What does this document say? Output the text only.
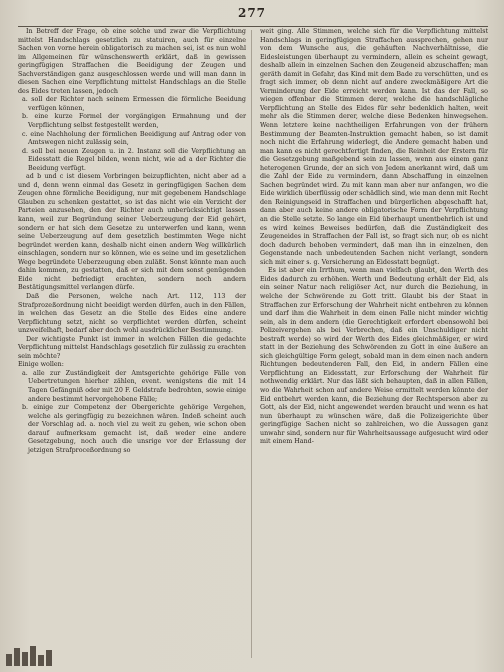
277

In Betreff der Frage, ob eine solche und zwar die Verpflichtung mittelst Handschlags gesetzlich zu statuiren, auch für einzelne Sachen von vorne herein obligatorisch zu machen sei, ist es nun wohl im Allgemeinen für wünschenswerth erklärt, daß in gewissen geringfügigen Straffachen die Beeidigung der Zeugen und Sachverständigen ganz ausgeschlossen werde und will man dann in diesen Sachen eine Verpflichtung mittelst Handschlags an die Stelle des Eides treten lassen, jedoch

a. soll der Richter nach seinem Ermessen die förmliche Beeidung verfügen können,

b. eine kurze Formel der vorgängigen Ermahnung und der Verpflichtung selbst festgestellt werden,

c. eine Nachholung der förmlichen Beeidigung auf Antrag oder von Amtswegen nicht zulässig sein,

d. soll bei neuen Zeugen u. in 2. Instanz soll die Verpflichtung an Eidesstatt die Regel bilden, wenn nicht, wie ad a der Richter die Beeidung verfügt.

ad b und c ist diesem Vorbringen beizupflichten, nicht aber ad a und d, denn wenn einmal das Gesetz in geringfügigen Sachen dem Zeugen ohne förmliche Beeidigung, nur mit gegebenem Handschlage Glauben zu schenken gestattet, so ist das nicht wie ein Verzicht der Parteien anzusehen, den der Richter auch unberücksichtigt lassen kann, weil zur Begründung seiner Ueberzeugung der Eid gehört, sondern er hat sich dem Gesetze zu unterwerfen und kann, wenn seine Ueberzeugung auf dem gesetzlich bestimmten Wege nicht begründet werden kann, deshalb nicht einen andern Weg willkürlich einschlagen, sondern nur so können, wie es seine und im gesetzlichen Wege begründete Ueberzeugung eben zuläßt. Sonst könnte man auch dahin kommen, zu gestatten, daß er sich mit dem sonst genügenden Eide nicht befriedigt erachten, sondern noch andern Bestätigungsmittel verlangen dürfe.

Daß die Personen, welche nach Art. 112, 113 der Strafprozeßordnung nicht beeidigt werden dürfen, auch in den Fällen, in welchen das Gesetz an die Stelle des Eides eine andere Verpflichtung setzt, nicht so verpflichtet werden dürfen, scheint unzweifelhaft, bedarf aber doch wohl ausdrücklicher Bestimmung.

Der wichtigste Punkt ist immer in welchen Fällen die gedachte Verpflichtung mittelst Handschlags gesetzlich für zulässig zu erachten sein möchte?

Einige wollen:

a. alle zur Zuständigkeit der Amtsgerichte gehörige Fälle von Uebertretungen hierher zählen, event. wenigstens die mit 14 Tagen Gefängniß oder mit 20 F. Geldstrafe bedrohten, sowie einige andere bestimmt hervorgehobene Fälle;

b. einige zur Competenz der Obergerichte gehörige Vergehen, welche als geringfügig zu bezeichnen wären. Indeß scheint auch der Vorschlag ad. a. noch viel zu weit zu gehen, wie schon oben darauf aufmerksam gemacht ist, daß weder eine andere Gesetzgebung, noch auch die unsrige vor der Erlassung der jetzigen Strafproceßordnung so

weit ging. Alle Stimmen, welche sich für die Verpflichtung mittelst Handschlags in geringfügigen Straffachen aussprechen, gehen nur von dem Wunsche aus, die gehäuften Nachverhältnisse, die Eidesleistungen überhaupt zu vermindern, allein es scheint gewagt, deshalb allein in einzelnen Sachen den Zeugeneid abzuschaffen; man geräth damit in Gefahr, das Kind mit dem Bade zu verschütten, und es fragt sich immer, ob denn nicht auf andere zweckmäßigere Art die Verminderung der Eide erreicht werden kann. Ist das der Fall, so wiegen offenbar die Stimmen derer, welche die handschlägliche Verpflichtung an Stelle des Eides für sehr bedenklich halten, weit mehr als die Stimmen derer, welche diese Bedenken hinwegsehen. Wenn letztere keine nachtheiligen Erfahrungen von der frühern Bestimmung der Beamten-Instruktion gemacht haben, so ist damit noch nicht die Erfahrung widerlegt, die Andere gemacht haben und man kann es nicht gerechtfertigt finden, die Reinheit der Erstern für die Gesetzgebung maßgebend sein zu lassen, wenn aus einem ganz heterogenen Grunde, der an sich von Jedem anerkannt wird, daß um die Zahl der Eide zu vermindern, dann Abschaffung in einzelnen Sachen begründet wird. Zu mit kann man aber nur anfangen, wo die Eide wirklich überflüssig oder schädlich sind, wie man denn mit Recht den Reinigungseid in Straffachen und bürgerlichen abgeschafft hat, dann aber auch keine andere obligatorische Form der Verpflichtung an die Stelle setzte. So lange ein Eid überhaupt unentbehrlich ist und es wird keines Beweises bedürfen, daß die Zuständigkeit des Zeugeneides in Straffachen der Fall ist, so fragt sich nur, ob es nicht doch dadurch behoben vermindert, daß man ihn in einzelnen, den Gegenstande nach unbedeutenden Sachen nicht verlangt, sondern sich mit einer s. g. Versicherung an Eidesstatt begnügt.

Es ist aber ein Irrthum, wenn man vielfach glaubt, den Werth des Eides dadurch zu erhöhen. Werth und Bedeutung erhält der Eid, als ein seiner Natur nach religiöser Act, nur durch die Beziehung, in welche der Schwörende zu Gott tritt. Glaubt bis der Staat in Straffachen zur Erforschung der Wahrheit nicht entbehren zu können und darf ihm die Wahrheit in dem einen Falle nicht minder wichtig sein, als in dem andern (die Gerechtigkeit erfordert ebensowohl bei Polizeivergehen als bei Verbrechen, daß ein Unschuldiger nicht bestraft werde) so wird der Werth des Eides gleichmäßiger, er wird statt in der Beziehung des Schwörenden zu Gott in eine äußere an sich gleichgültige Form gelegt, sobald man in dem einen nach andern Richtungen bedeutenderen Fall, den Eid, in andern Fällen eine Verpflichtung an Eidesstatt, zur Erforschung der Wahrheit für nothwendig erklärt. Nur das läßt sich behaupten, daß in allen Fällen, wo die Wahrheit schon auf andere Weise ermittelt werden könnte der Eid entbehrt werden kann, die Beziehung der Rechtsperson aber zu Gott, als der Eid, nicht angewendet werden braucht und wenn es hat nun überhaupt zu wünschen wäre, daß die Polizeigerichte über geringfügige Sachen nicht so zahlreichen, wo die Aussagen ganz unwahr sind, sondern nur für Wahrheitsaussage aufgesucht wird oder mit einem Hand-
